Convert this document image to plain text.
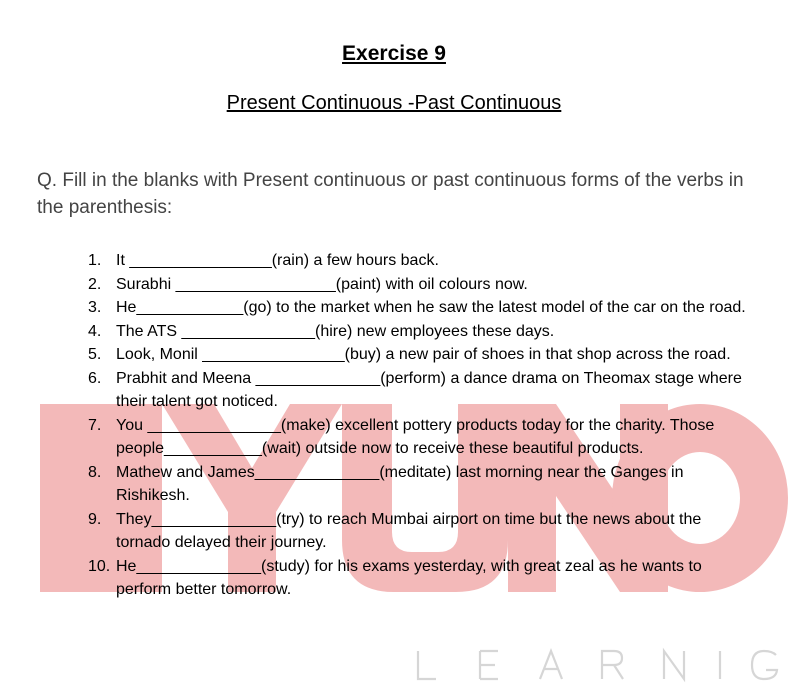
Exercise 9
Present Continuous -Past Continuous

Q. Fill in the blanks with Present continuous or past continuous forms of the verbs in the parenthesis:

1. It ________________(rain) a few hours back.
2. Surabhi __________________(paint) with oil colours now.
3. He____________(go) to the market when he saw the latest model of the car on the road.
4. The ATS _______________(hire) new employees these days.
5. Look, Monil ________________(buy) a new pair of shoes in that shop across the road.
6. Prabhit and Meena ______________(perform) a dance drama on Theomax stage where their talent got noticed.
7. You _______________(make) excellent pottery products today for the charity. Those people___________(wait) outside now to receive these beautiful products.
8. Mathew and James______________(meditate) last morning near the Ganges in Rishikesh.
9. They______________(try) to reach Mumbai airport on time but the news about the tornado delayed their journey.
10. He______________(study) for his exams yesterday, with great zeal as he wants to perform better tomorrow.
